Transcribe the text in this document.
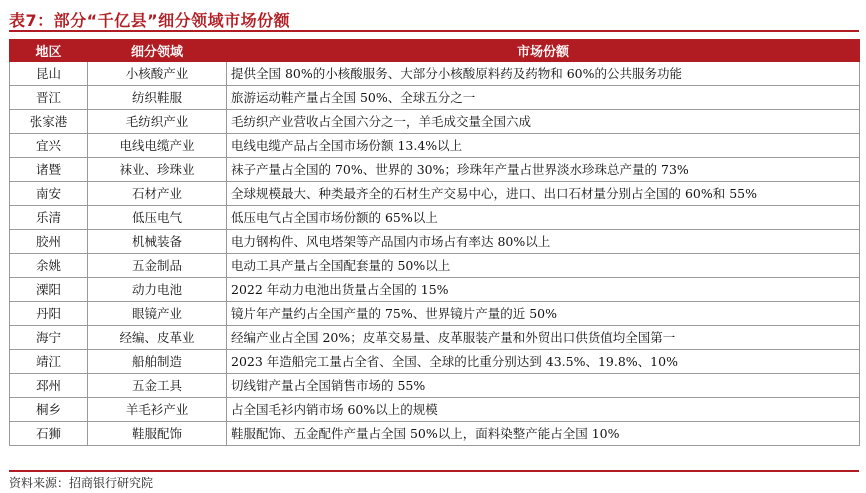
表7：部分“千亿县”细分领域市场份额
地区	细分领域	市场份额
昆山	小核酸产业	提供全国 80%的小核酸服务、大部分小核酸原料药及药物和 60%的公共服务功能
晋江	纺织鞋服	旅游运动鞋产量占全国 50%、全球五分之一
张家港	毛纺织产业	毛纺织产业营收占全国六分之一，羊毛成交量全国六成
宜兴	电线电缆产业	电线电缆产品占全国市场份额 13.4%以上
诸暨	袜业、珍珠业	袜子产量占全国的 70%、世界的 30%；珍珠年产量占世界淡水珍珠总产量的 73%
南安	石材产业	全球规模最大、种类最齐全的石材生产交易中心，进口、出口石材量分别占全国的 60%和 55%
乐清	低压电气	低压电气占全国市场份额的 65%以上
胶州	机械装备	电力钢构件、风电塔架等产品国内市场占有率达 80%以上
余姚	五金制品	电动工具产量占全国配套量的 50%以上
溧阳	动力电池	2022 年动力电池出货量占全国的 15%
丹阳	眼镜产业	镜片年产量约占全国产量的 75%、世界镜片产量的近 50%
海宁	经编、皮革业	经编产业占全国 20%；皮革交易量、皮革服装产量和外贸出口供货值均全国第一
靖江	船舶制造	2023 年造船完工量占全省、全国、全球的比重分别达到 43.5%、19.8%、10%
邳州	五金工具	切线钳产量占全国销售市场的 55%
桐乡	羊毛衫产业	占全国毛衫内销市场 60%以上的规模
石狮	鞋服配饰	鞋服配饰、五金配件产量占全国 50%以上，面料染整产能占全国 10%
资料来源：招商银行研究院
